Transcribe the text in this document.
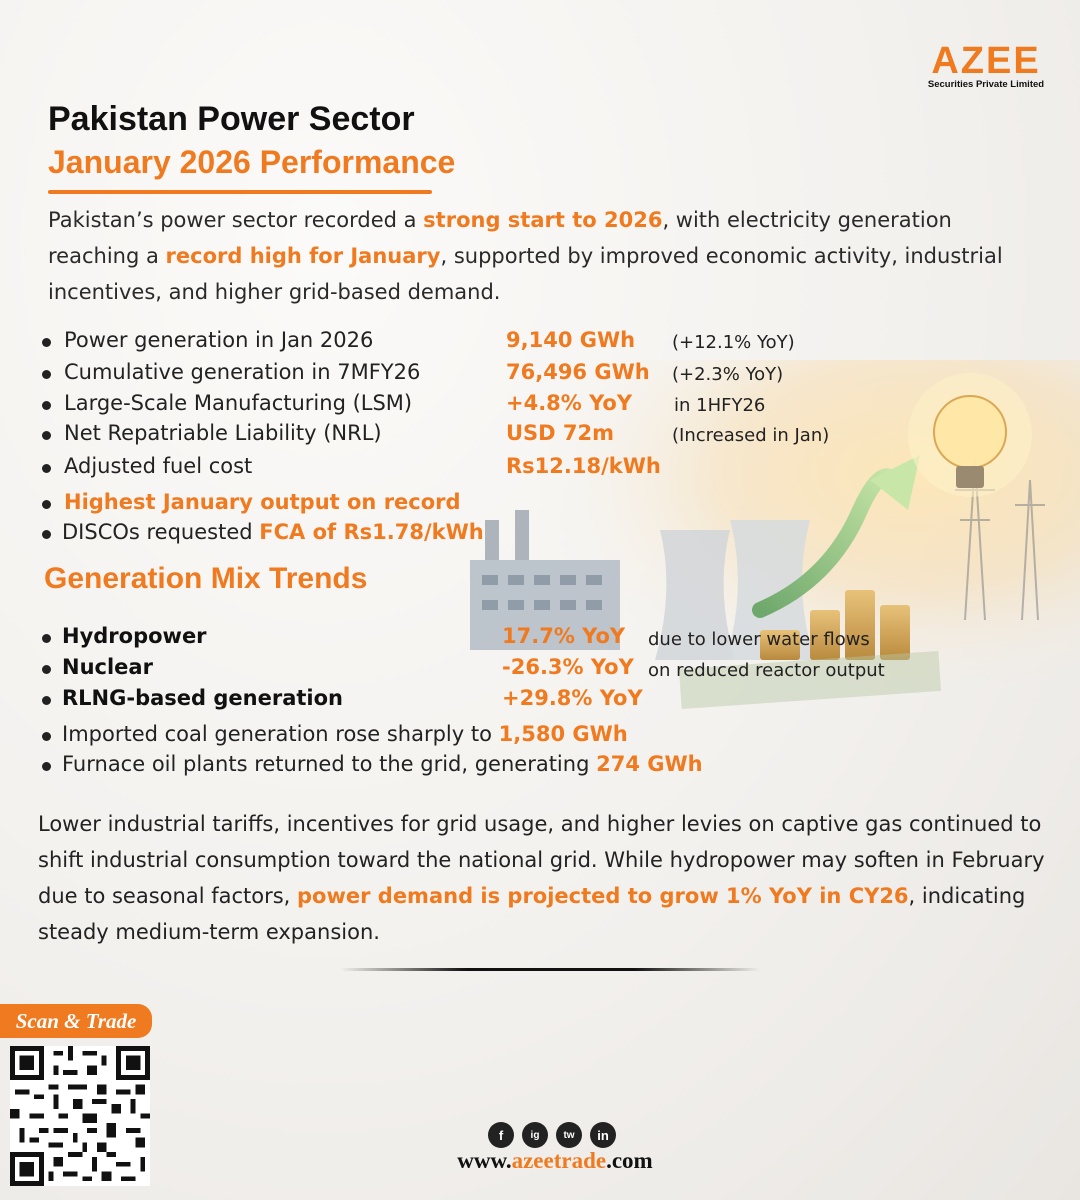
AZEE
Securities Private Limited
Pakistan Power Sector
January 2026 Performance
Pakistan’s power sector recorded a strong start to 2026, with electricity generation reaching a record high for January, supported by improved economic activity, industrial incentives, and higher grid-based demand.
Power generation in Jan 2026	9,140 GWh (+12.1% YoY)
Cumulative generation in 7MFY26	76,496 GWh (+2.3% YoY)
Large-Scale Manufacturing (LSM)	+4.8% YoY in 1HFY26
Net Repatriable Liability (NRL)	USD 72m	(Increased in Jan)
Adjusted fuel cost	Rs12.18/kWh
Highest January output on record
DISCOs requested FCA of Rs1.78/kWh
Generation Mix Trends
Hydropower	17.7% YoY due to lower water flows
Nuclear	-26.3% YoY on reduced reactor output
RLNG-based generation	+29.8% YoY
Imported coal generation rose sharply to 1,580 GWh
Furnace oil plants returned to the grid, generating 274 GWh
Lower industrial tariffs, incentives for grid usage, and higher levies on captive gas continued to shift industrial consumption toward the national grid. While hydropower may soften in February due to seasonal factors, power demand is projected to grow 1% YoY in CY26, indicating steady medium-term expansion.
Scan & Trade
f	ig	tw	in
www.azeetrade.com
